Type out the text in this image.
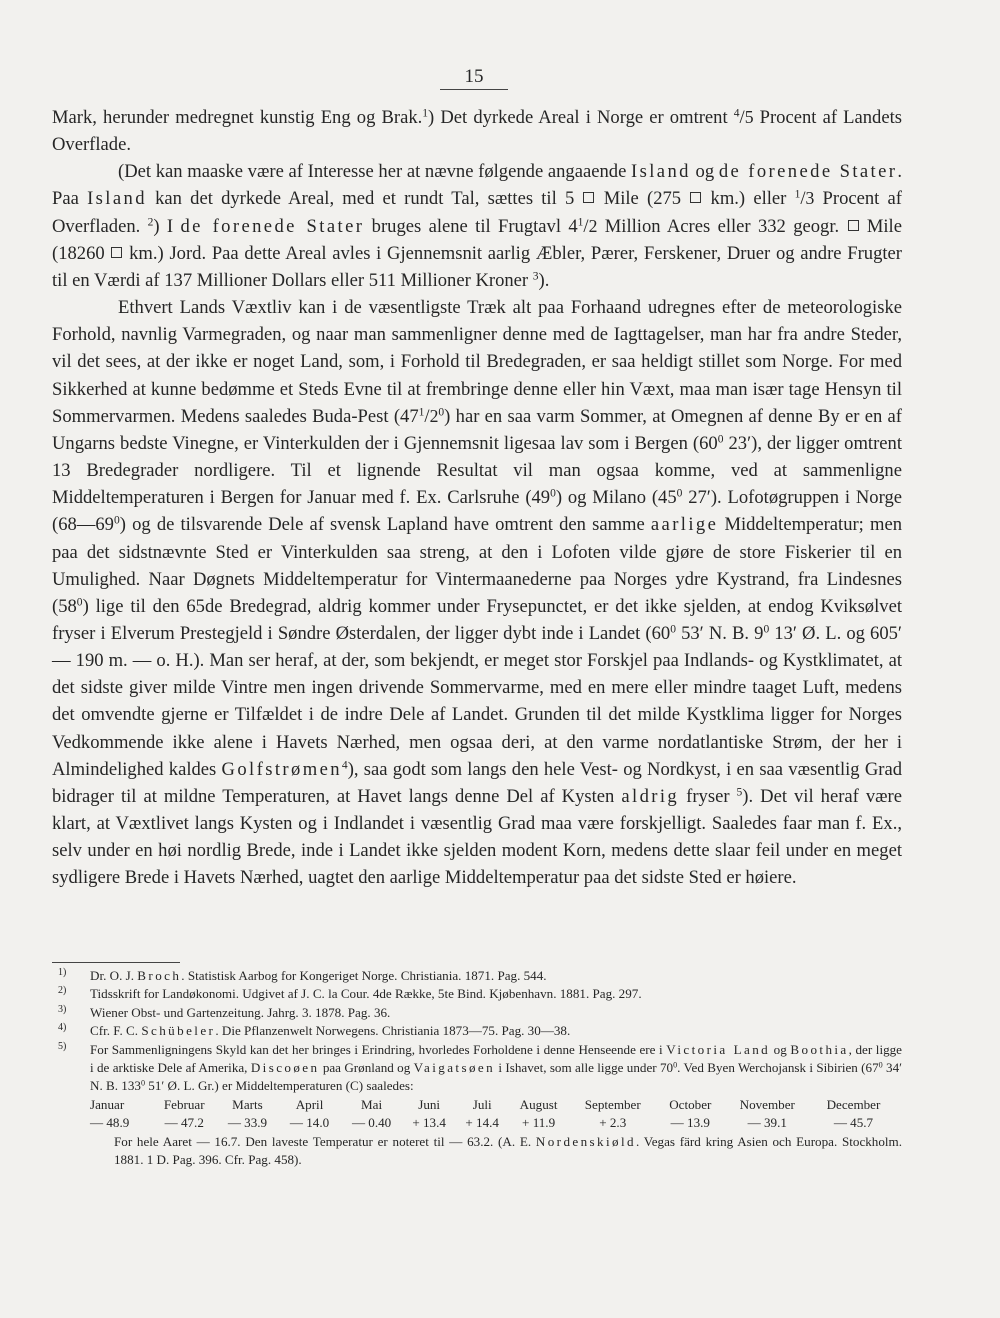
15

Mark, herunder medregnet kunstig Eng og Brak.$^1$) Det dyrkede Areal i Norge er omtrent $^4$/5 Procent af Landets Overflade.

(Det kan maaske være af Interesse her at nævne følgende angaaende Island og de forenede Stater. Paa Island kan det dyrkede Areal, med et rundt Tal, sættes til 5  Mile (275  km.) eller $^1$/3 Procent af Overfladen. $^2$) I de forenede Stater bruges alene til Frugtavl $4^1/2$ Million Acres eller 332 geogr.  Mile (18260  km.) Jord. Paa dette Areal avles i Gjennemsnit aarlig Æbler, Pærer, Ferskener, Druer og andre Frugter til en Værdi af 137 Millioner Dollars eller 511 Millioner Kroner $^3$).

Ethvert Lands Væxtliv kan i de væsentligste Træk alt paa Forhaand udregnes efter de meteorologiske Forhold, navnlig Varmegraden, og naar man sammenligner denne med de Iagttagelser, man har fra andre Steder, vil det sees, at der ikke er noget Land, som, i Forhold til Bredegraden, er saa heldigt stillet som Norge. For med Sikkerhed at kunne bedømme et Steds Evne til at frembringe denne eller hin Væxt, maa man især tage Hensyn til Sommervarmen. Medens saaledes Buda-Pest $(47^1/2^0)$ har en saa varm Sommer, at Omegnen af denne By er en af Ungarns bedste Vinegne, er Vinterkulden der i Gjennemsnit ligesaa lav som i Bergen ($60^0$ 23′), der ligger omtrent 13 Bredegrader nordligere. Til et lignende Resultat vil man ogsaa komme, ved at sammenligne Middeltemperaturen i Bergen for Januar med f. Ex. Carlsruhe $(49^0)$ og Milano ($45^0$ 27′). Lofotøgruppen i Norge $(68—69^0)$ og de tilsvarende Dele af svensk Lapland have omtrent den samme aarlige Middeltemperatur; men paa det sidstnævnte Sted er Vinterkulden saa streng, at den i Lofoten vilde gjøre de store Fiskerier til en Umulighed. Naar Døgnets Middeltemperatur for Vintermaanederne paa Norges ydre Kystrand, fra Lindesnes $(58^0)$ lige til den 65de Bredegrad, aldrig kommer under Frysepunctet, er det ikke sjelden, at endog Kviksølvet fryser i Elverum Prestegjeld i Søndre Østerdalen, der ligger dybt inde i Landet ($60^0$ 53′ N. B. $9^0$ 13′ Ø. L. og 605′ — 190 m. — o. H.). Man ser heraf, at der, som bekjendt, er meget stor Forskjel paa Indlands- og Kystklimatet, at det sidste giver milde Vintre men ingen drivende Sommervarme, med en mere eller mindre taaget Luft, medens det omvendte gjerne er Tilfældet i de indre Dele af Landet. Grunden til det milde Kystklima ligger for Norges Vedkommende ikke alene i Havets Nærhed, men ogsaa deri, at den varme nordatlantiske Strøm, der her i Almindelighed kaldes Golfstrømen$^4$), saa godt som langs den hele Vest- og Nordkyst, i en saa væsentlig Grad bidrager til at mildne Temperaturen, at Havet langs denne Del af Kysten aldrig fryser $^5$). Det vil heraf være klart, at Væxtlivet langs Kysten og i Indlandet i væsentlig Grad maa være forskjelligt. Saaledes faar man f. Ex., selv under en høi nordlig Brede, inde i Landet ikke sjelden modent Korn, medens dette slaar feil under en meget sydligere Brede i Havets Nærhed, uagtet den aarlige Middeltemperatur paa det sidste Sted er høiere.

1) Dr. O. J. Broch. Statistisk Aarbog for Kongeriget Norge. Christiania. 1871. Pag. 544.
2) Tidsskrift for Landøkonomi. Udgivet af J. C. la Cour. 4de Række, 5te Bind. Kjøbenhavn. 1881. Pag. 297.
3) Wiener Obst- und Gartenzeitung. Jahrg. 3. 1878. Pag. 36.
4) Cfr. F. C. Schübeler. Die Pflanzenwelt Norwegens. Christiania 1873—75. Pag. 30—38.
5) For Sammenligningens Skyld kan det her bringes i Erindring, hvorledes Forholdene i denne Henseende ere i Victoria Land og Boothia, der ligge i de arktiske Dele af Amerika, Discoøen paa Grønland og Vaigatsøen i Ishavet, som alle ligge under $70^0$. Ved Byen Werchojansk i Sibirien ($67^0$ 34′ N. B. $133^0$ 51′ Ø. L. Gr.) er Middeltemperaturen (C) saaledes:
Januar	Februar	Marts	April	Mai	Juni	Juli	August	September	October	November	December
— 48.9	— 47.2	— 33.9	— 14.0	— 0.40	+ 13.4	+ 14.4	+ 11.9	+ 2.3	— 13.9	— 39.1	— 45.7
For hele Aaret — 16.7. Den laveste Temperatur er noteret til — 63.2. (A. E. Nordenskiøld. Vegas färd kring Asien och Europa. Stockholm. 1881. 1 D. Pag. 396. Cfr. Pag. 458).
